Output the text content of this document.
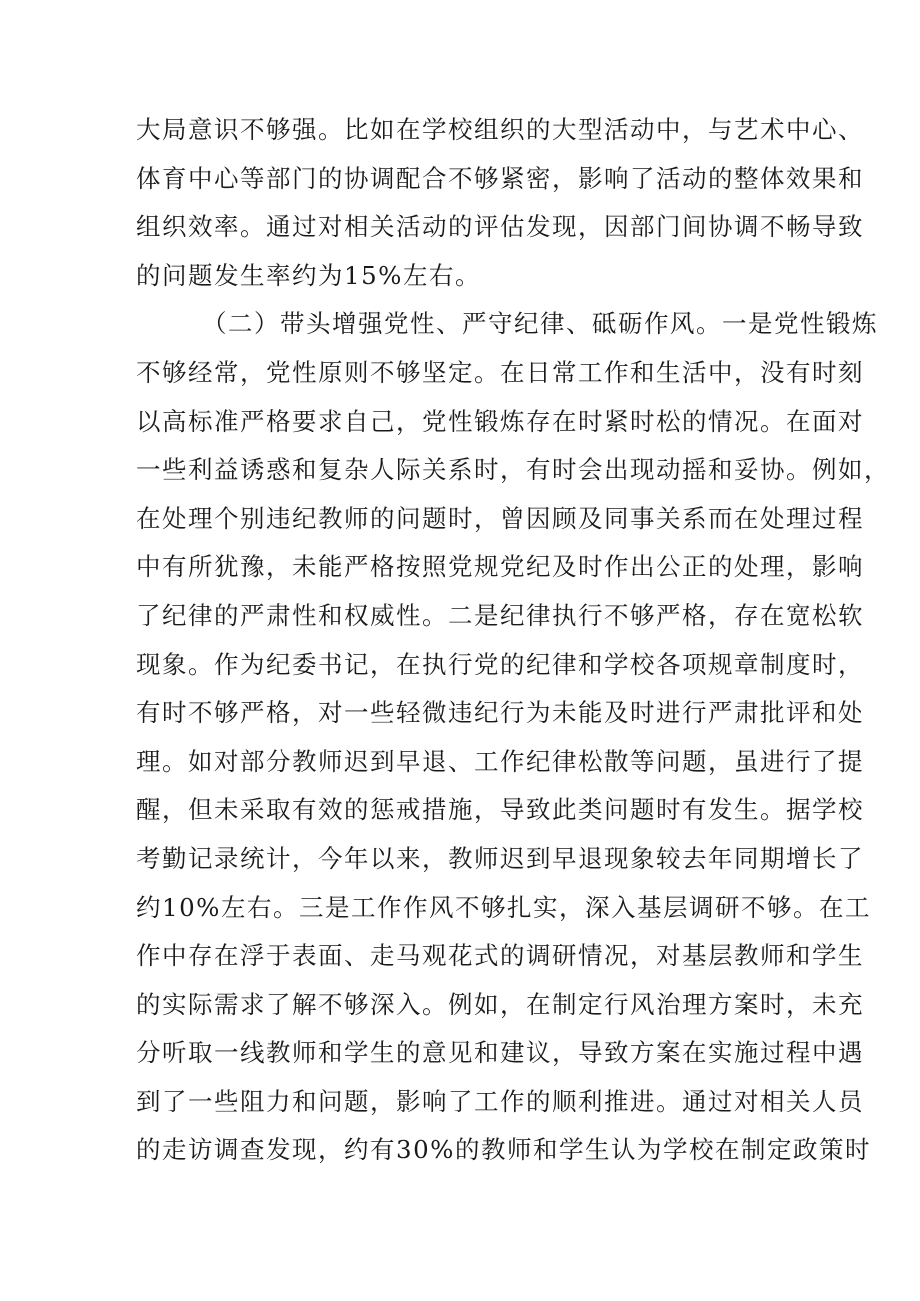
大局意识不够强。比如在学校组织的大型活动中，与艺术中心、
体育中心等部门的协调配合不够紧密，影响了活动的整体效果和
组织效率。通过对相关活动的评估发现，因部门间协调不畅导致
的问题发生率约为15%左右。
（二）带头增强党性、严守纪律、砥砺作风。一是党性锻炼
不够经常，党性原则不够坚定。在日常工作和生活中，没有时刻
以高标准严格要求自己，党性锻炼存在时紧时松的情况。在面对
一些利益诱惑和复杂人际关系时，有时会出现动摇和妥协。例如，
在处理个别违纪教师的问题时，曾因顾及同事关系而在处理过程
中有所犹豫，未能严格按照党规党纪及时作出公正的处理，影响
了纪律的严肃性和权威性。二是纪律执行不够严格，存在宽松软
现象。作为纪委书记，在执行党的纪律和学校各项规章制度时，
有时不够严格，对一些轻微违纪行为未能及时进行严肃批评和处
理。如对部分教师迟到早退、工作纪律松散等问题，虽进行了提
醒，但未采取有效的惩戒措施，导致此类问题时有发生。据学校
考勤记录统计，今年以来，教师迟到早退现象较去年同期增长了
约10%左右。三是工作作风不够扎实，深入基层调研不够。在工
作中存在浮于表面、走马观花式的调研情况，对基层教师和学生
的实际需求了解不够深入。例如，在制定行风治理方案时，未充
分听取一线教师和学生的意见和建议，导致方案在实施过程中遇
到了一些阻力和问题，影响了工作的顺利推进。通过对相关人员
的走访调查发现，约有30%的教师和学生认为学校在制定政策时
